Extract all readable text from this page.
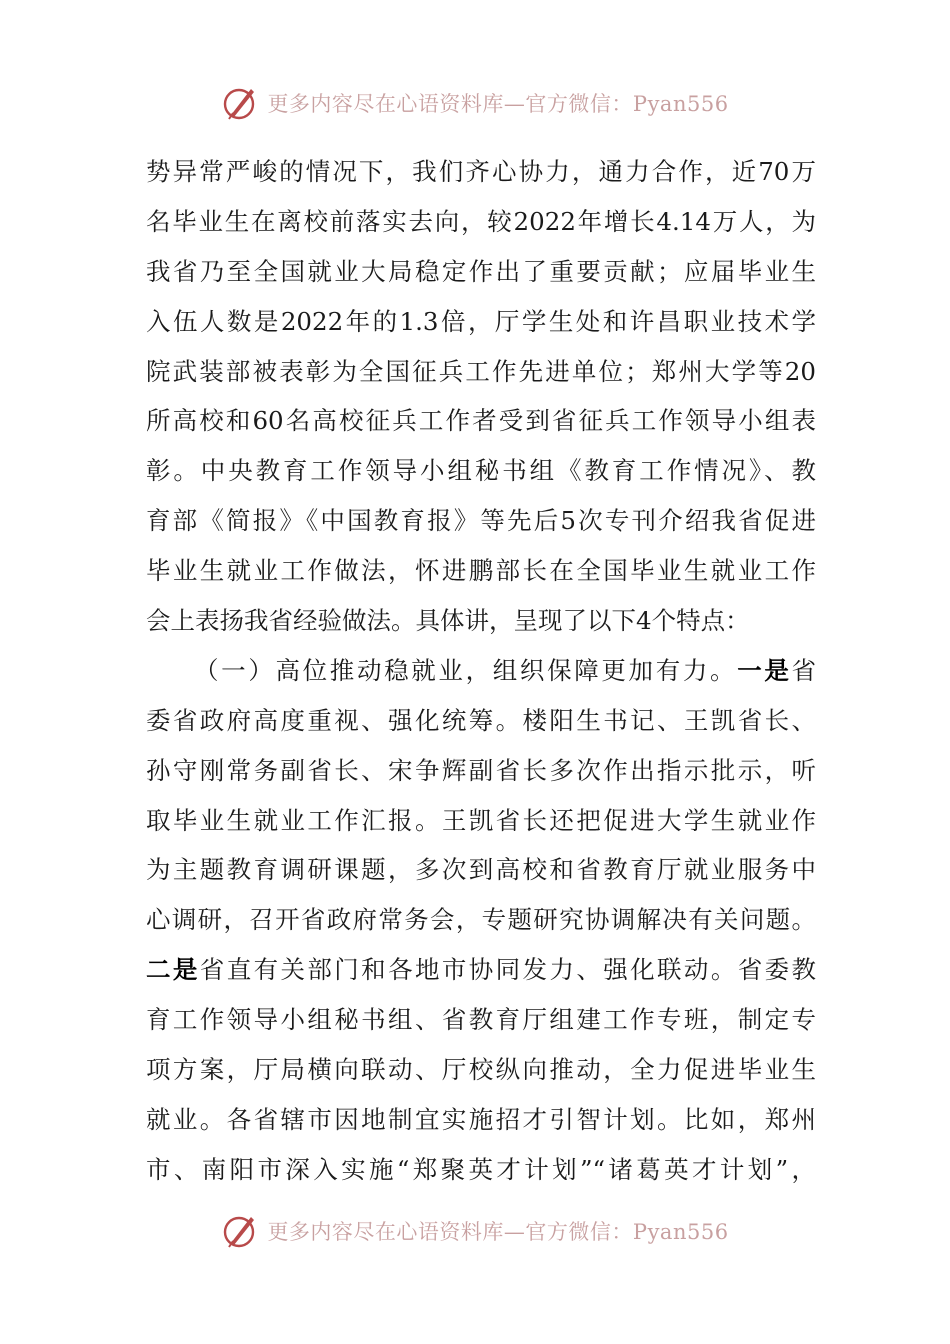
更多内容尽在心语资料库—官方微信：Pyan556
势异常严峻的情况下，我们齐心协力，通力合作，近70万
名毕业生在离校前落实去向，较2022年增长4.14万人，为
我省乃至全国就业大局稳定作出了重要贡献；应届毕业生
入伍人数是2022年的1.3倍，厅学生处和许昌职业技术学
院武装部被表彰为全国征兵工作先进单位；郑州大学等20
所高校和60名高校征兵工作者受到省征兵工作领导小组表
彰。中央教育工作领导小组秘书组《教育工作情况》、教
育部《简报》《中国教育报》等先后5次专刊介绍我省促进
毕业生就业工作做法，怀进鹏部长在全国毕业生就业工作
会上表扬我省经验做法。具体讲，呈现了以下4个特点：
（一）高位推动稳就业，组织保障更加有力。一是省
委省政府高度重视、强化统筹。楼阳生书记、王凯省长、
孙守刚常务副省长、宋争辉副省长多次作出指示批示，听
取毕业生就业工作汇报。王凯省长还把促进大学生就业作
为主题教育调研课题，多次到高校和省教育厅就业服务中
心调研，召开省政府常务会，专题研究协调解决有关问题。
二是省直有关部门和各地市协同发力、强化联动。省委教
育工作领导小组秘书组、省教育厅组建工作专班，制定专
项方案，厅局横向联动、厅校纵向推动，全力促进毕业生
就业。各省辖市因地制宜实施招才引智计划。比如，郑州
市、南阳市深入实施“郑聚英才计划”“诸葛英才计划”，
更多内容尽在心语资料库—官方微信：Pyan556
